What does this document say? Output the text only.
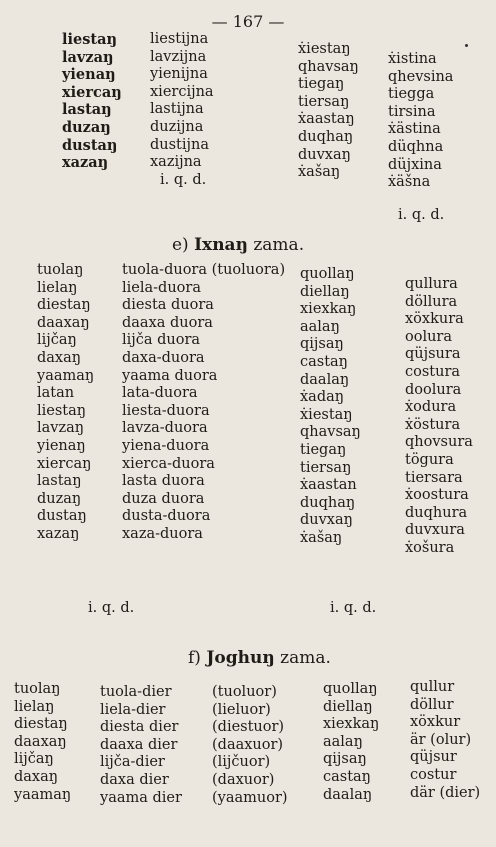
— 167 —
liestaŋ
lavzaŋ
yienaŋ
xiercaŋ
lastaŋ
duzaŋ
dustaŋ
xazaŋ
liestijna
lavzijna
yienijna
xiercijna
lastijna
duzijna
dustijna
xazijna
ẋiestaŋ
qhavsaŋ
tiegaŋ
tiersaŋ
ẋaastaŋ
duqhaŋ
duvxaŋ
ẋašaŋ
ẋistina
qhevsina
tiegga
tirsina
ẋästina
düqhna
düjxina
ẋäšna
i. q. d.
i. q. d.
e) Ixnaŋ zama.
tuolaŋ
lielaŋ
diestaŋ
daaxaŋ
lijčaŋ
daxaŋ
yaamaŋ
latan
liestaŋ
lavzaŋ
yienaŋ
xiercaŋ
lastaŋ
duzaŋ
dustaŋ
xazaŋ
tuola-duora (tuoluora)
liela-duora
diesta duora
daaxa duora
lijča duora
daxa-duora
yaama duora
lata-duora
liesta-duora
lavza-duora
yiena-duora
xierca-duora
lasta duora
duza duora
dusta-duora
xaza-duora
quollaŋ
diellaŋ
xiexkaŋ
aalaŋ
qijsaŋ
castaŋ
daalaŋ
ẋadaŋ
ẋiestaŋ
qhavsaŋ
tiegaŋ
tiersaŋ
ẋaastan
duqhaŋ
duvxaŋ
ẋašaŋ
qullura
döllura
xöxkura
oolura
qüjsura
costura
doolura
ẋodura
ẋöstura
qhovsura
tögura
tiersara
ẋoostura
duqhura
duvxura
ẋošura
i. q. d.	i. q. d.
f) Joghuŋ zama.
tuolaŋ
lielaŋ
diestaŋ
daaxaŋ
lijčaŋ
daxaŋ
yaamaŋ
tuola-dier
liela-dier
diesta dier
daaxa dier
lijča-dier
daxa dier
yaama dier
(tuoluor)
(lieluor)
(diestuor)
(daaxuor)
(lijčuor)
(daxuor)
(yaamuor)
quollaŋ
diellaŋ
xiexkaŋ
aalaŋ
qijsaŋ
castaŋ
daalaŋ
qullur
döllur
xöxkur
är (olur)
qüjsur
costur
där (dier)
